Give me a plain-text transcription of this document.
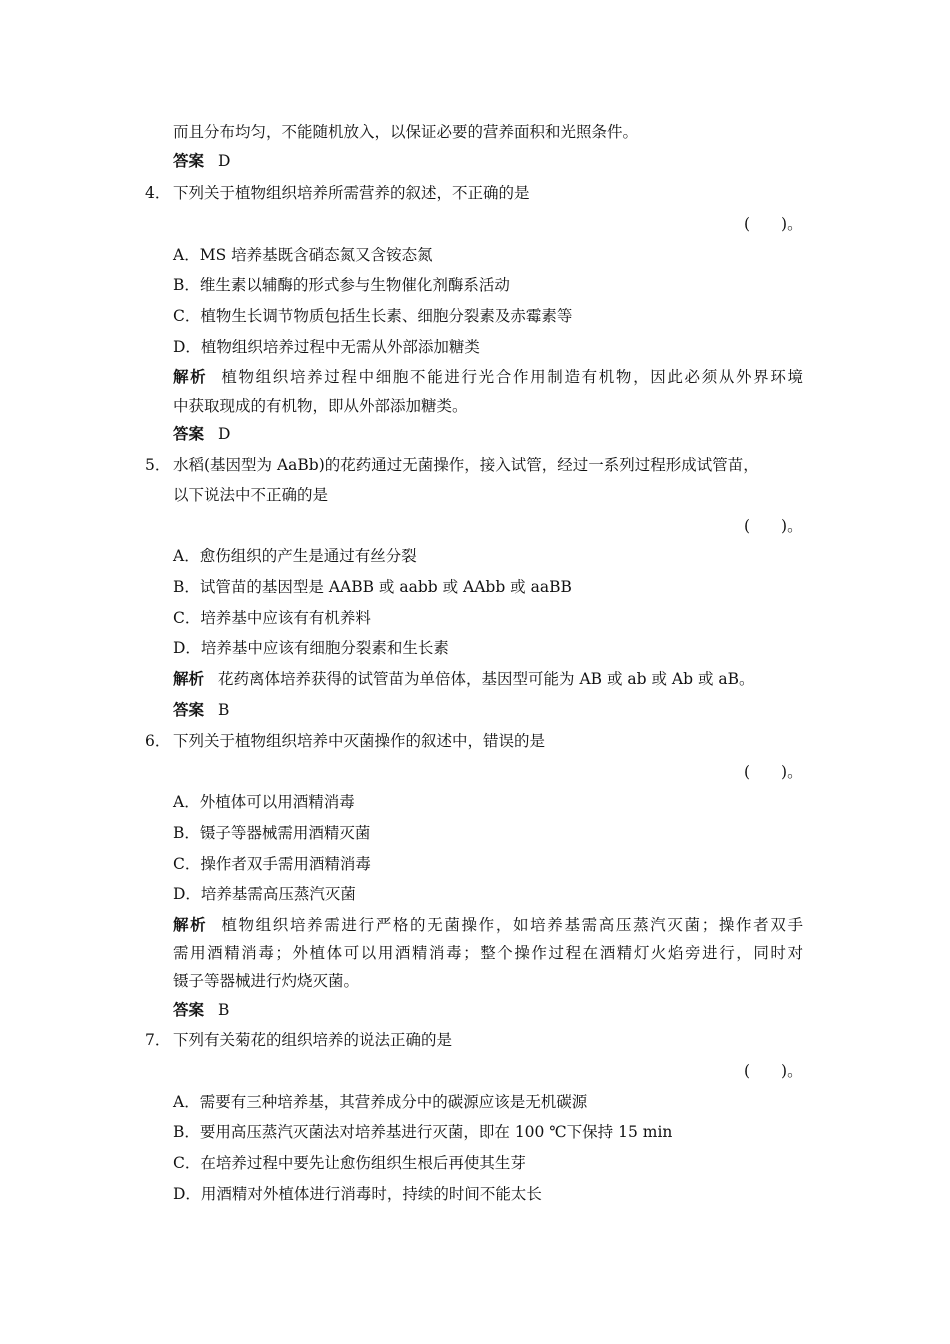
而且分布均匀，不能随机放入，以保证必要的营养面积和光照条件。
答案 D
4． 下列关于植物组织培养所需营养的叙述，不正确的是
(　　)。
A．MS 培养基既含硝态氮又含铵态氮
B．维生素以辅酶的形式参与生物催化剂酶系活动
C．植物生长调节物质包括生长素、细胞分裂素及赤霉素等
D．植物组织培养过程中无需从外部添加糖类
解析 植物组织培养过程中细胞不能进行光合作用制造有机物，因此必须从外界环境
中获取现成的有机物，即从外部添加糖类。
答案 D
5． 水稻(基因型为 AaBb)的花药通过无菌操作，接入试管，经过一系列过程形成试管苗，
以下说法中不正确的是
(　　)。
A．愈伤组织的产生是通过有丝分裂
B．试管苗的基因型是 AABB 或 aabb 或 AAbb 或 aaBB
C．培养基中应该有有机养料
D．培养基中应该有细胞分裂素和生长素
解析 花药离体培养获得的试管苗为单倍体，基因型可能为 AB 或 ab 或 Ab 或 aB。
答案 B
6． 下列关于植物组织培养中灭菌操作的叙述中，错误的是
(　　)。
A．外植体可以用酒精消毒
B．镊子等器械需用酒精灭菌
C．操作者双手需用酒精消毒
D．培养基需高压蒸汽灭菌
解析 植物组织培养需进行严格的无菌操作，如培养基需高压蒸汽灭菌；操作者双手
需用酒精消毒；外植体可以用酒精消毒；整个操作过程在酒精灯火焰旁进行，同时对
镊子等器械进行灼烧灭菌。
答案 B
7． 下列有关菊花的组织培养的说法正确的是
(　　)。
A．需要有三种培养基，其营养成分中的碳源应该是无机碳源
B．要用高压蒸汽灭菌法对培养基进行灭菌，即在 100 ℃下保持 15 min
C．在培养过程中要先让愈伤组织生根后再使其生芽
D．用酒精对外植体进行消毒时，持续的时间不能太长
